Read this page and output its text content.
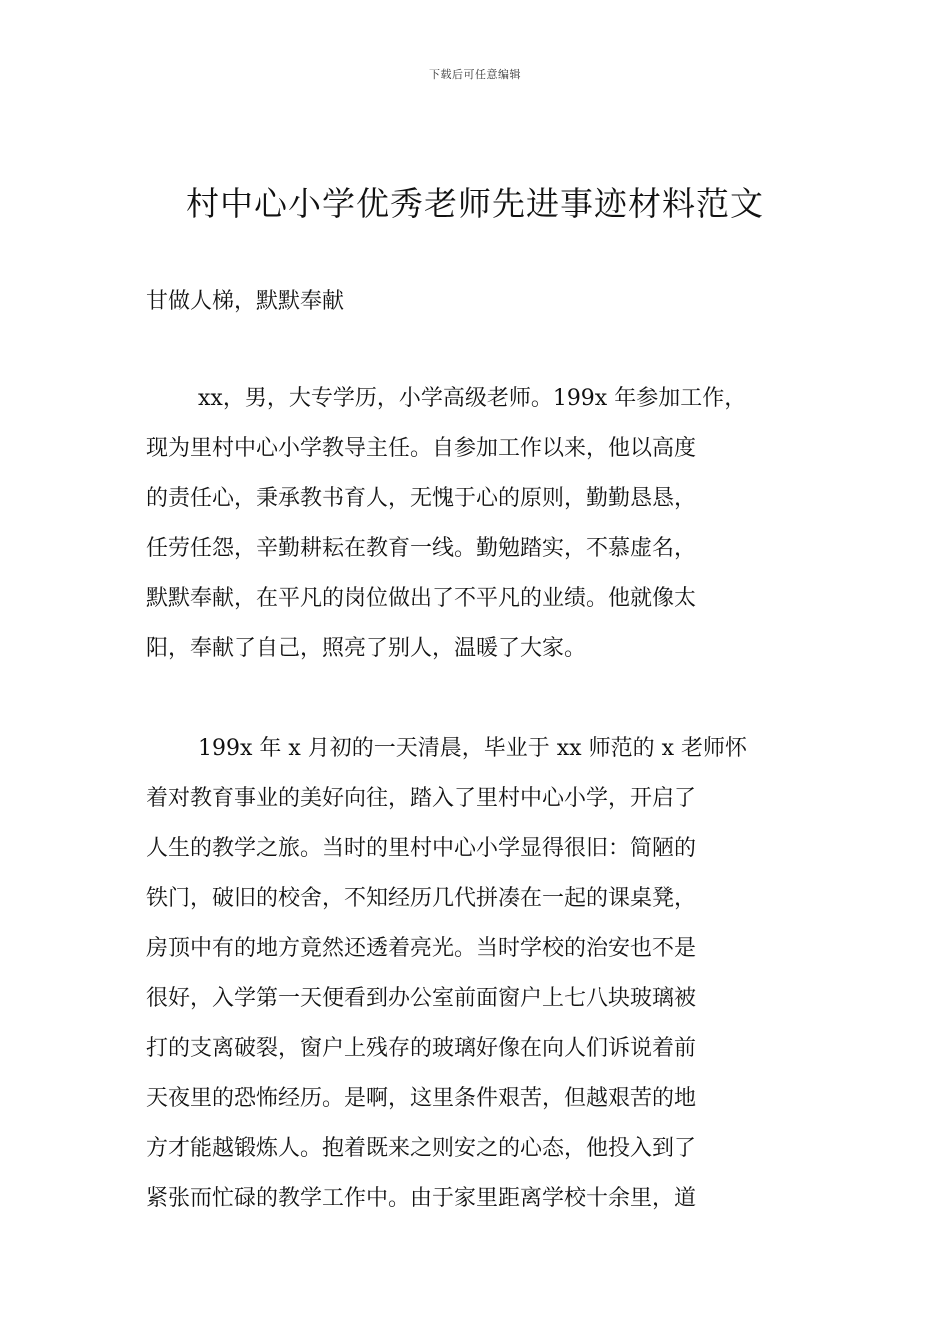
下载后可任意编辑
村中心小学优秀老师先进事迹材料范文
甘做人梯，默默奉献
xx，男，大专学历，小学高级老师。199x 年参加工作，
现为里村中心小学教导主任。自参加工作以来，他以高度
的责任心，秉承教书育人，无愧于心的原则，勤勤恳恳，
任劳任怨，辛勤耕耘在教育一线。勤勉踏实，不慕虚名，
默默奉献，在平凡的岗位做出了不平凡的业绩。他就像太
阳，奉献了自己，照亮了别人，温暖了大家。
199x 年 x 月初的一天清晨，毕业于 xx 师范的 x 老师怀
着对教育事业的美好向往，踏入了里村中心小学，开启了
人生的教学之旅。当时的里村中心小学显得很旧：简陋的
铁门，破旧的校舍，不知经历几代拼凑在一起的课桌凳，
房顶中有的地方竟然还透着亮光。当时学校的治安也不是
很好，入学第一天便看到办公室前面窗户上七八块玻璃被
打的支离破裂，窗户上残存的玻璃好像在向人们诉说着前
天夜里的恐怖经历。是啊，这里条件艰苦，但越艰苦的地
方才能越锻炼人。抱着既来之则安之的心态，他投入到了
紧张而忙碌的教学工作中。由于家里距离学校十余里，道
